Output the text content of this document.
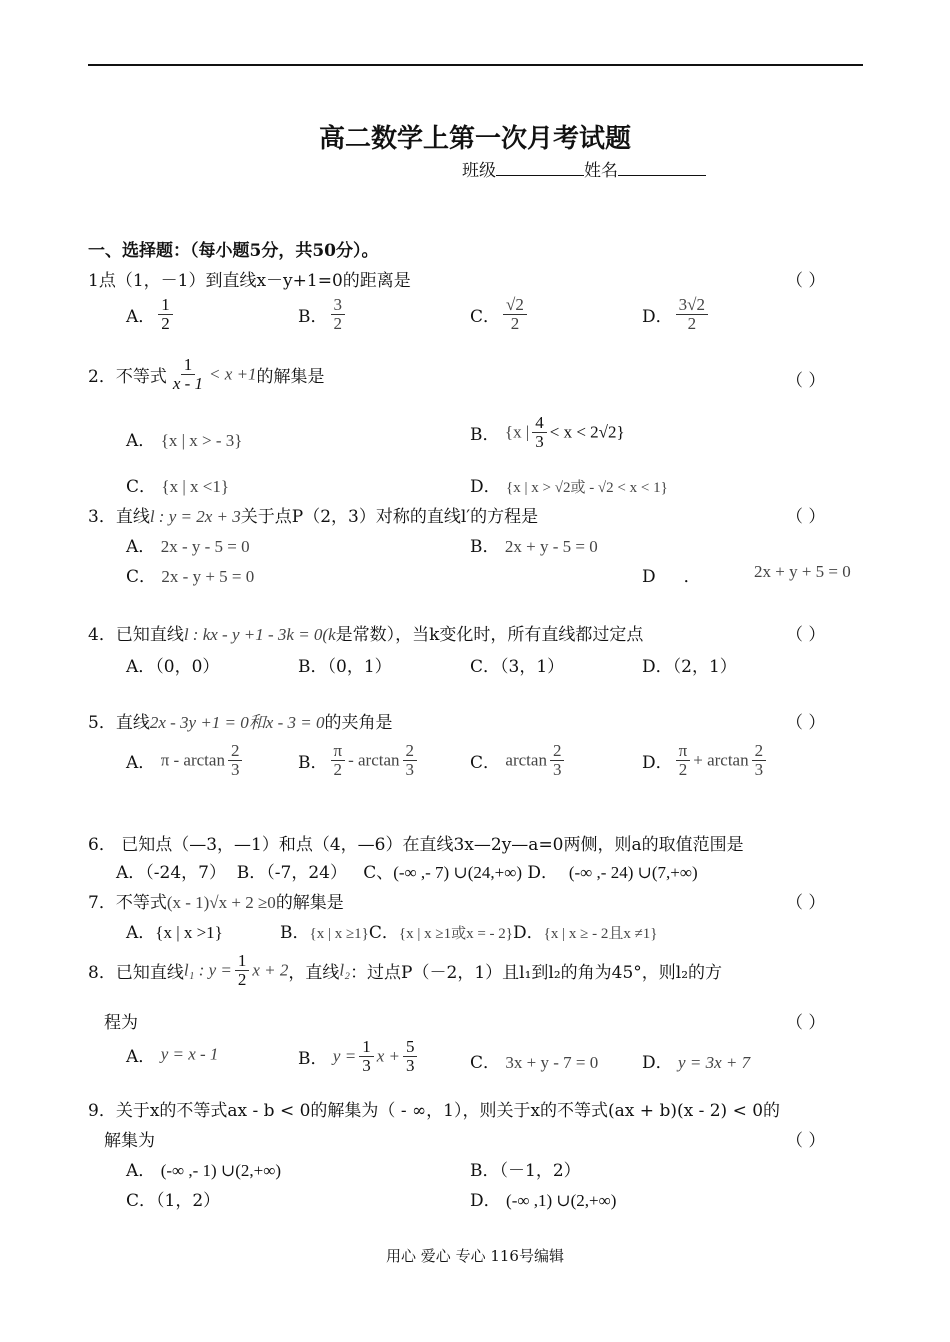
高二数学上第一次月考试题
班级	姓名
一、选择题：（每小题5分，共50分）。
1点（1，－1）到直线x－y+1=0的距离是	（ ）
A． $\frac{1}{2}$	B． $\frac{3}{2}$	C． $\frac{√2}{2}$	D． $\frac{3√2}{2}$
2．不等式 $\frac{1}{x - 1} < x +1$的解集是	（ ）
A． {x | x > - 3}	B． {x | $\frac{4}{3} < x < 2√2$}
C． {x | x <1}	D． {x | x > √2或 - √2 < x < 1}
3．直线l : y = 2x + 3关于点P（2，3）对称的直线l′的方程是	（ ）
A． 2x - y - 5 = 0	B． 2x + y - 5 = 0
C． 2x - y + 5 = 0	D ．	2x + y + 5 = 0
4．已知直线l : kx - y +1 - 3k = 0(k是常数），当k变化时，所有直线都过定点	（ ）
A．（0，0）	B．（0，1）	C．（3，1）	D．（2，1）
5．直线2x - 3y +1 = 0和x - 3 = 0的夹角是	（ ）
A． π - $\arctan \frac{2}{3}$	B． $\frac{\pi}{2}$ - $\arctan \frac{2}{3}$	C． $\arctan \frac{2}{3}$	D． $\frac{\pi}{2} + \arctan \frac{2}{3}$
6． 已知点（—3，—1）和点（4，—6）在直线3x—2y—a=0两侧，则a的取值范围是
A．（-24，7） B．（-7，24） C、(-∞ ,- 7) ∪(24,+∞) D． (-∞ ,- 24) ∪(7,+∞)
7．不等式(x - 1)√x + 2 ≥0的解集是	（ ）
A．{x | x >1}	B．{x | x ≥1}C．{x | x ≥1或x = - 2}D．{x | x ≥ - 2且x ≠1}
8．已知直线l₁ : $y = \frac{1}{2}$ x + 2，直线l₂：过点P（－2，1）且l₁到l₂的角为45°，则l₂的方
程为	（ ）
A． y = x - 1	B． $y = \frac{1}{3}$ $x + \frac{5}{3}$	C． 3x + y - 7 = 0	D． y = 3x + 7
9．关于x的不等式ax - b < 0的解集为（ - ∞，1），则关于x的不等式(ax + b)(x - 2) < 0的
解集为	（ ）
A． (-∞ ,- 1) ∪(2,+∞)	B．（－1，2）
C．（1，2）	D． (-∞ ,1) ∪(2,+∞)
用心 爱心 专心 116号编辑
